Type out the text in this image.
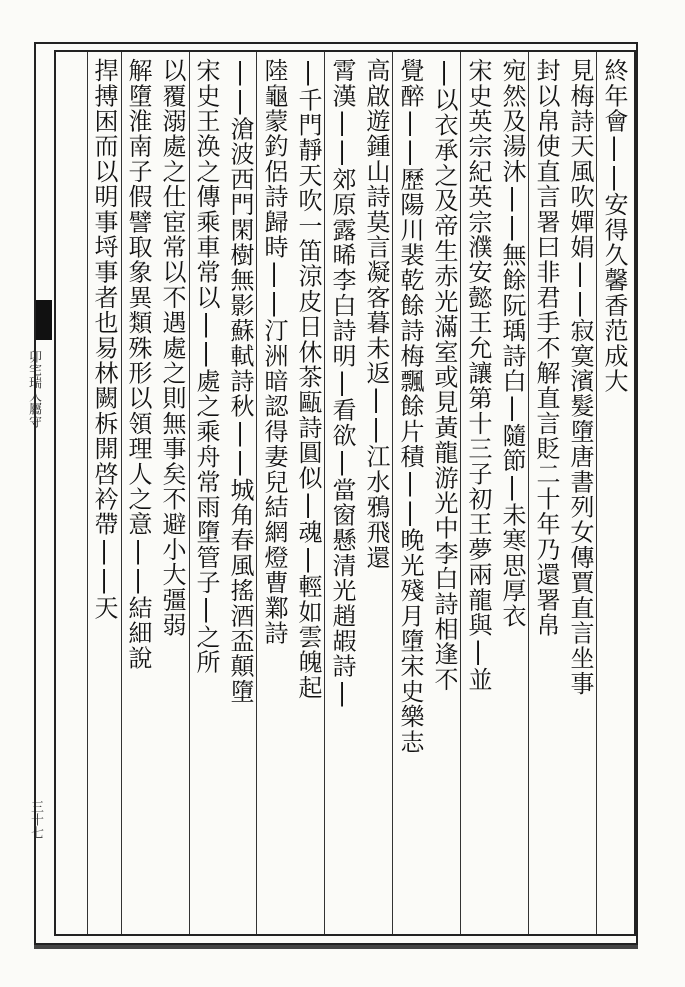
卯宅瑞人屬守
三十七
終年會||安得久馨香范成大
見梅詩天風吹嬋娟||寂寞濱髮墮唐書列女傳賈直言坐事
封以帛使直言署曰非君手不解直言貶二十年乃還署帛
宛然及湯沐||無餘阮瑀詩白|隨節|未寒思厚衣
宋史英宗紀英宗濮安懿王允讓第十三子初王夢兩龍與|並
|以衣承之及帝生赤光滿室或見黃龍游光中李白詩相逢不
覺醉||歷陽川裴乾餘詩梅飄餘片積||晚光殘月墮宋史樂志
高啟遊鍾山詩莫言凝客暮未返||江水鴉飛還
霄漢||郊原露晞李白詩明|看欲|當窗懸清光趙嘏詩|
|千門靜天吹一笛涼皮日休茶甌詩圓似|魂|輕如雲魄起
陸龜蒙釣侶詩歸時||汀洲暗認得妻兒結網燈曹鄴詩
||滄波西門閑樹無影蘇軾詩秋||城角春風搖酒盃顛墮
宋史王涣之傳乘車常以||處之乘舟常雨墮管子|之所
以覆溺處之仕宦常以不遇處之則無事矣不避小大彊弱
解墮淮南子假譬取象異類殊形以領理人之意||結細說
捍搏困而以明事埒事者也易林闕柝開啓衿帶||天
